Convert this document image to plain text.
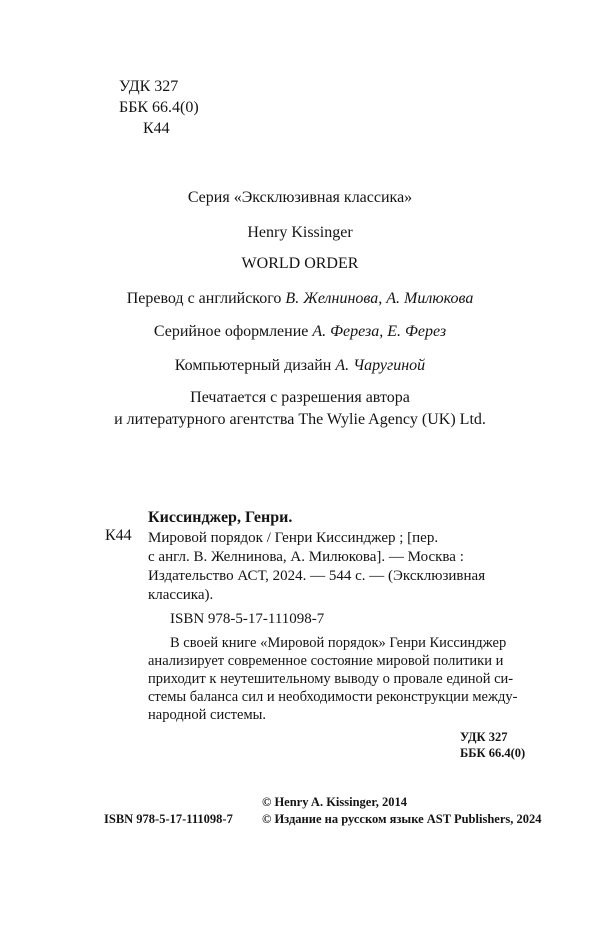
УДК 327
ББК 66.4(0)
К44
Серия «Эксклюзивная классика»
Henry Kissinger
WORLD ORDER
Перевод с английского В. Желнинова, А. Милюкова
Серийное оформление А. Фереза, Е. Ферез
Компьютерный дизайн А. Чаругиной
Печатается с разрешения автора
и литературного агентства The Wylie Agency (UK) Ltd.
К44
Киссинджер, Генри.
Мировой порядок / Генри Киссинджер ; [пер.
с англ. В. Желнинова, А. Милюкова]. — Москва :
Издательство АСТ, 2024. — 544 с. — (Эксклюзивная
классика).
ISBN 978-5-17-111098-7

В своей книге «Мировой порядок» Генри Киссинджер

анализирует современное состояние мировой политики и

приходит к неутешительному выводу о провале единой си-

стемы баланса сил и необходимости реконструкции междy-

народной системы.

УДК 327
ББК 66.4(0)
© Henry A. Kissinger, 2014
© Издание на русском языке AST Publishers, 2024
ISBN 978-5-17-111098-7
